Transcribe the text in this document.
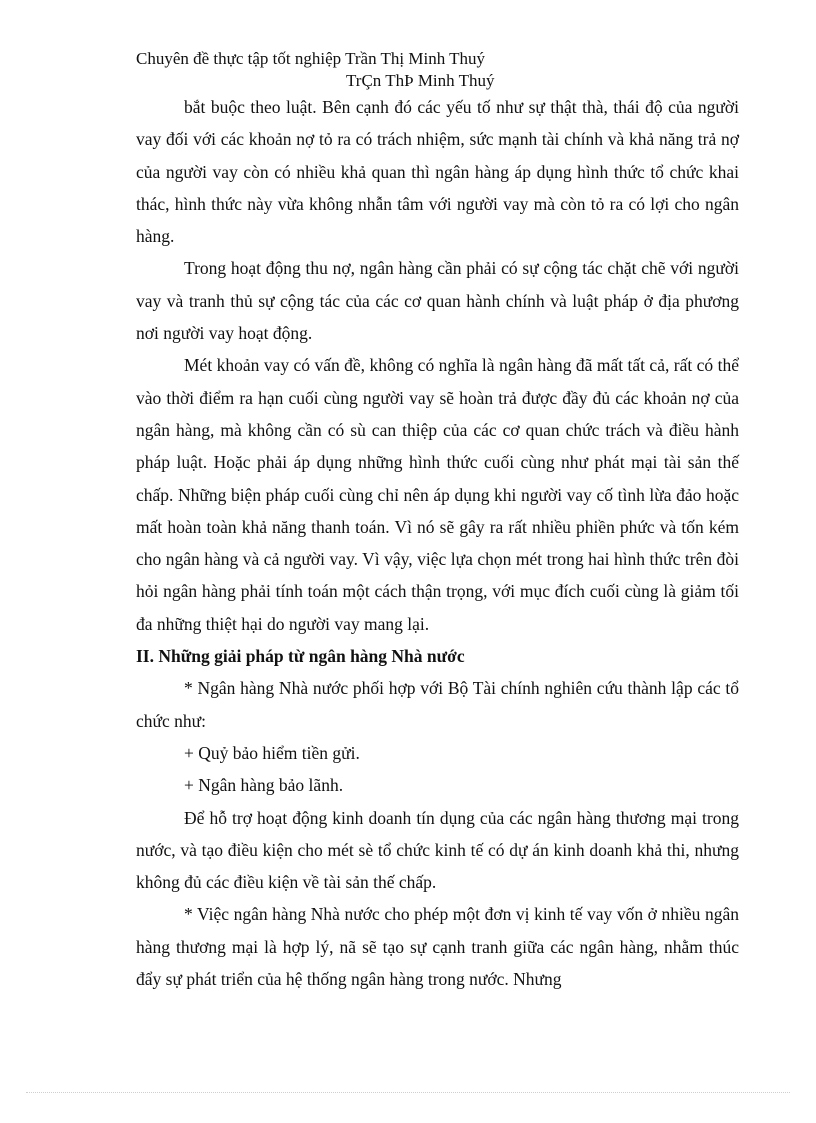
Chuyên đề thực tập tốt nghiệp Trần Thị Minh Thuý
TrÇn ThÞ Minh Thuý

bắt buộc theo luật. Bên cạnh đó các yếu tố như sự thật thà, thái độ của người vay đối với các khoản nợ tỏ ra có trách nhiệm, sức mạnh tài chính và khả năng trả nợ của người vay còn có nhiều khả quan thì ngân hàng áp dụng hình thức tổ chức khai thác, hình thức này vừa không nhẫn tâm với người vay mà còn tỏ ra có lợi cho ngân hàng.

Trong hoạt động thu nợ, ngân hàng cần phải có sự cộng tác chặt chẽ với người vay và tranh thủ sự cộng tác của các cơ quan hành chính và luật pháp ở địa phương nơi người vay hoạt động.

Mét khoản vay có vấn đề, không có nghĩa là ngân hàng đã mất tất cả, rất có thể vào thời điểm ra hạn cuối cùng người vay sẽ hoàn trả được đầy đủ các khoản nợ của ngân hàng, mà không cần có sù can thiệp của các cơ quan chức trách và điều hành pháp luật. Hoặc phải áp dụng những hình thức cuối cùng như phát mại tài sản thế chấp. Những biện pháp cuối cùng chỉ nên áp dụng khi người vay cố tình lừa đảo hoặc mất hoàn toàn khả năng thanh toán. Vì nó sẽ gây ra rất nhiều phiền phức và tốn kém cho ngân hàng và cả người vay. Vì vậy, việc lựa chọn mét trong hai hình thức trên đòi hỏi ngân hàng phải tính toán một cách thận trọng, với mục đích cuối cùng là giảm tối đa những thiệt hại do người vay mang lại.

II. Những giải pháp từ ngân hàng Nhà nước

* Ngân hàng Nhà nước phối hợp với Bộ Tài chính nghiên cứu thành lập các tổ chức như:

+ Quỷ bảo hiểm tiền gửi.

+ Ngân hàng bảo lãnh.

Để hỗ trợ hoạt động kinh doanh tín dụng của các ngân hàng thương mại trong nước, và tạo điều kiện cho mét sè tổ chức kinh tế có dự án kinh doanh khả thi, nhưng không đủ các điều kiện về tài sản thế chấp.

* Việc ngân hàng Nhà nước cho phép một đơn vị kinh tế vay vốn ở nhiều ngân hàng thương mại là hợp lý, nã sẽ tạo sự cạnh tranh giữa các ngân hàng, nhằm thúc đẩy sự phát triển của hệ thống ngân hàng trong nước. Nhưng
